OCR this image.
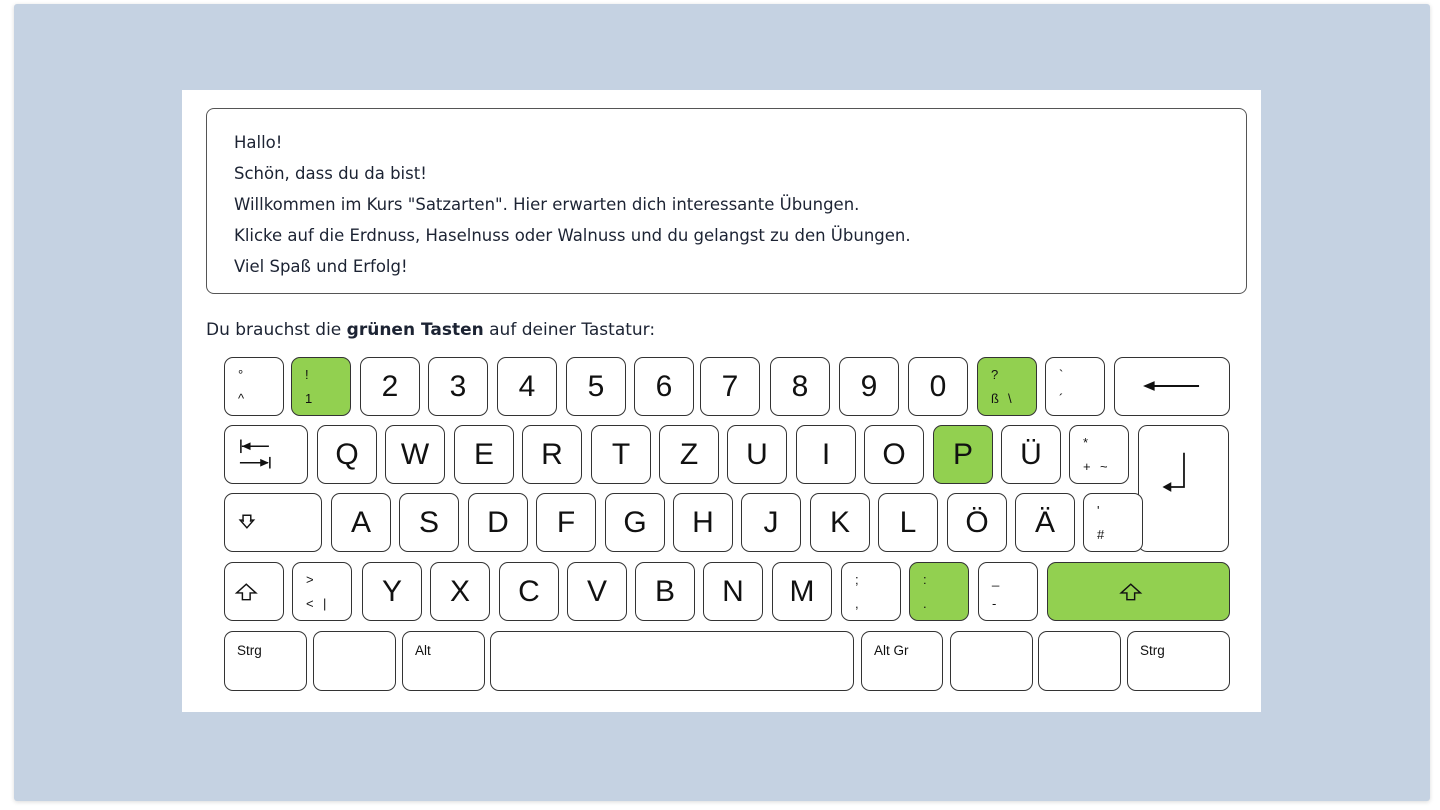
Hallo!
Schön, dass du da bist!
Willkommen im Kurs "Satzarten". Hier erwarten dich interessante Übungen.
Klicke auf die Erdnuss, Haselnuss oder Walnuss und du gelangst zu den Übungen.
Viel Spaß und Erfolg!
Du brauchst die grünen Tasten auf deiner Tastatur:
°
^
!
1	2	3	4	5	6	7	8	9	0	?
ß \
`
´
Q	W	E	R	T	Z	U	I	O	P	Ü	*
+ ~
A	S	D	F	G	H	J	K	L	Ö	Ä	'
#
>
< |	Y	X	C	V	B	N	M	;
,
:
.
_
-
Strg	Alt	Alt Gr	Strg
